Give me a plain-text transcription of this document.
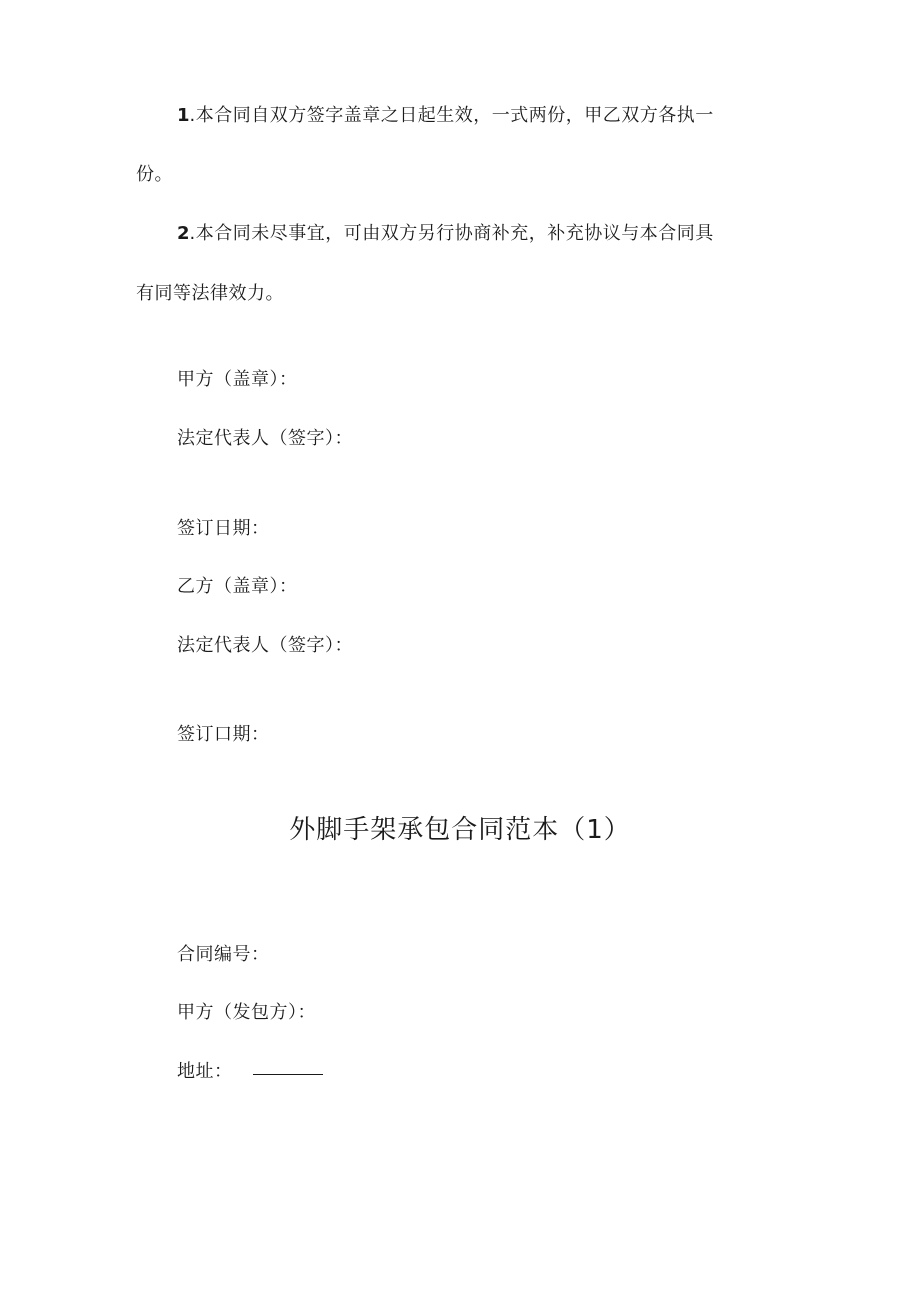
1.本合同自双方签字盖章之日起生效，一式两份，甲乙双方各执一
份。
2.本合同未尽事宜，可由双方另行协商补充，补充协议与本合同具
有同等法律效力。
甲方（盖章）：
法定代表人（签字）：
签订日期：
乙方（盖章）：
法定代表人（签字）：
签订口期：
外脚手架承包合同范本（1）
合同编号：
甲方（发包方）：
地址：
